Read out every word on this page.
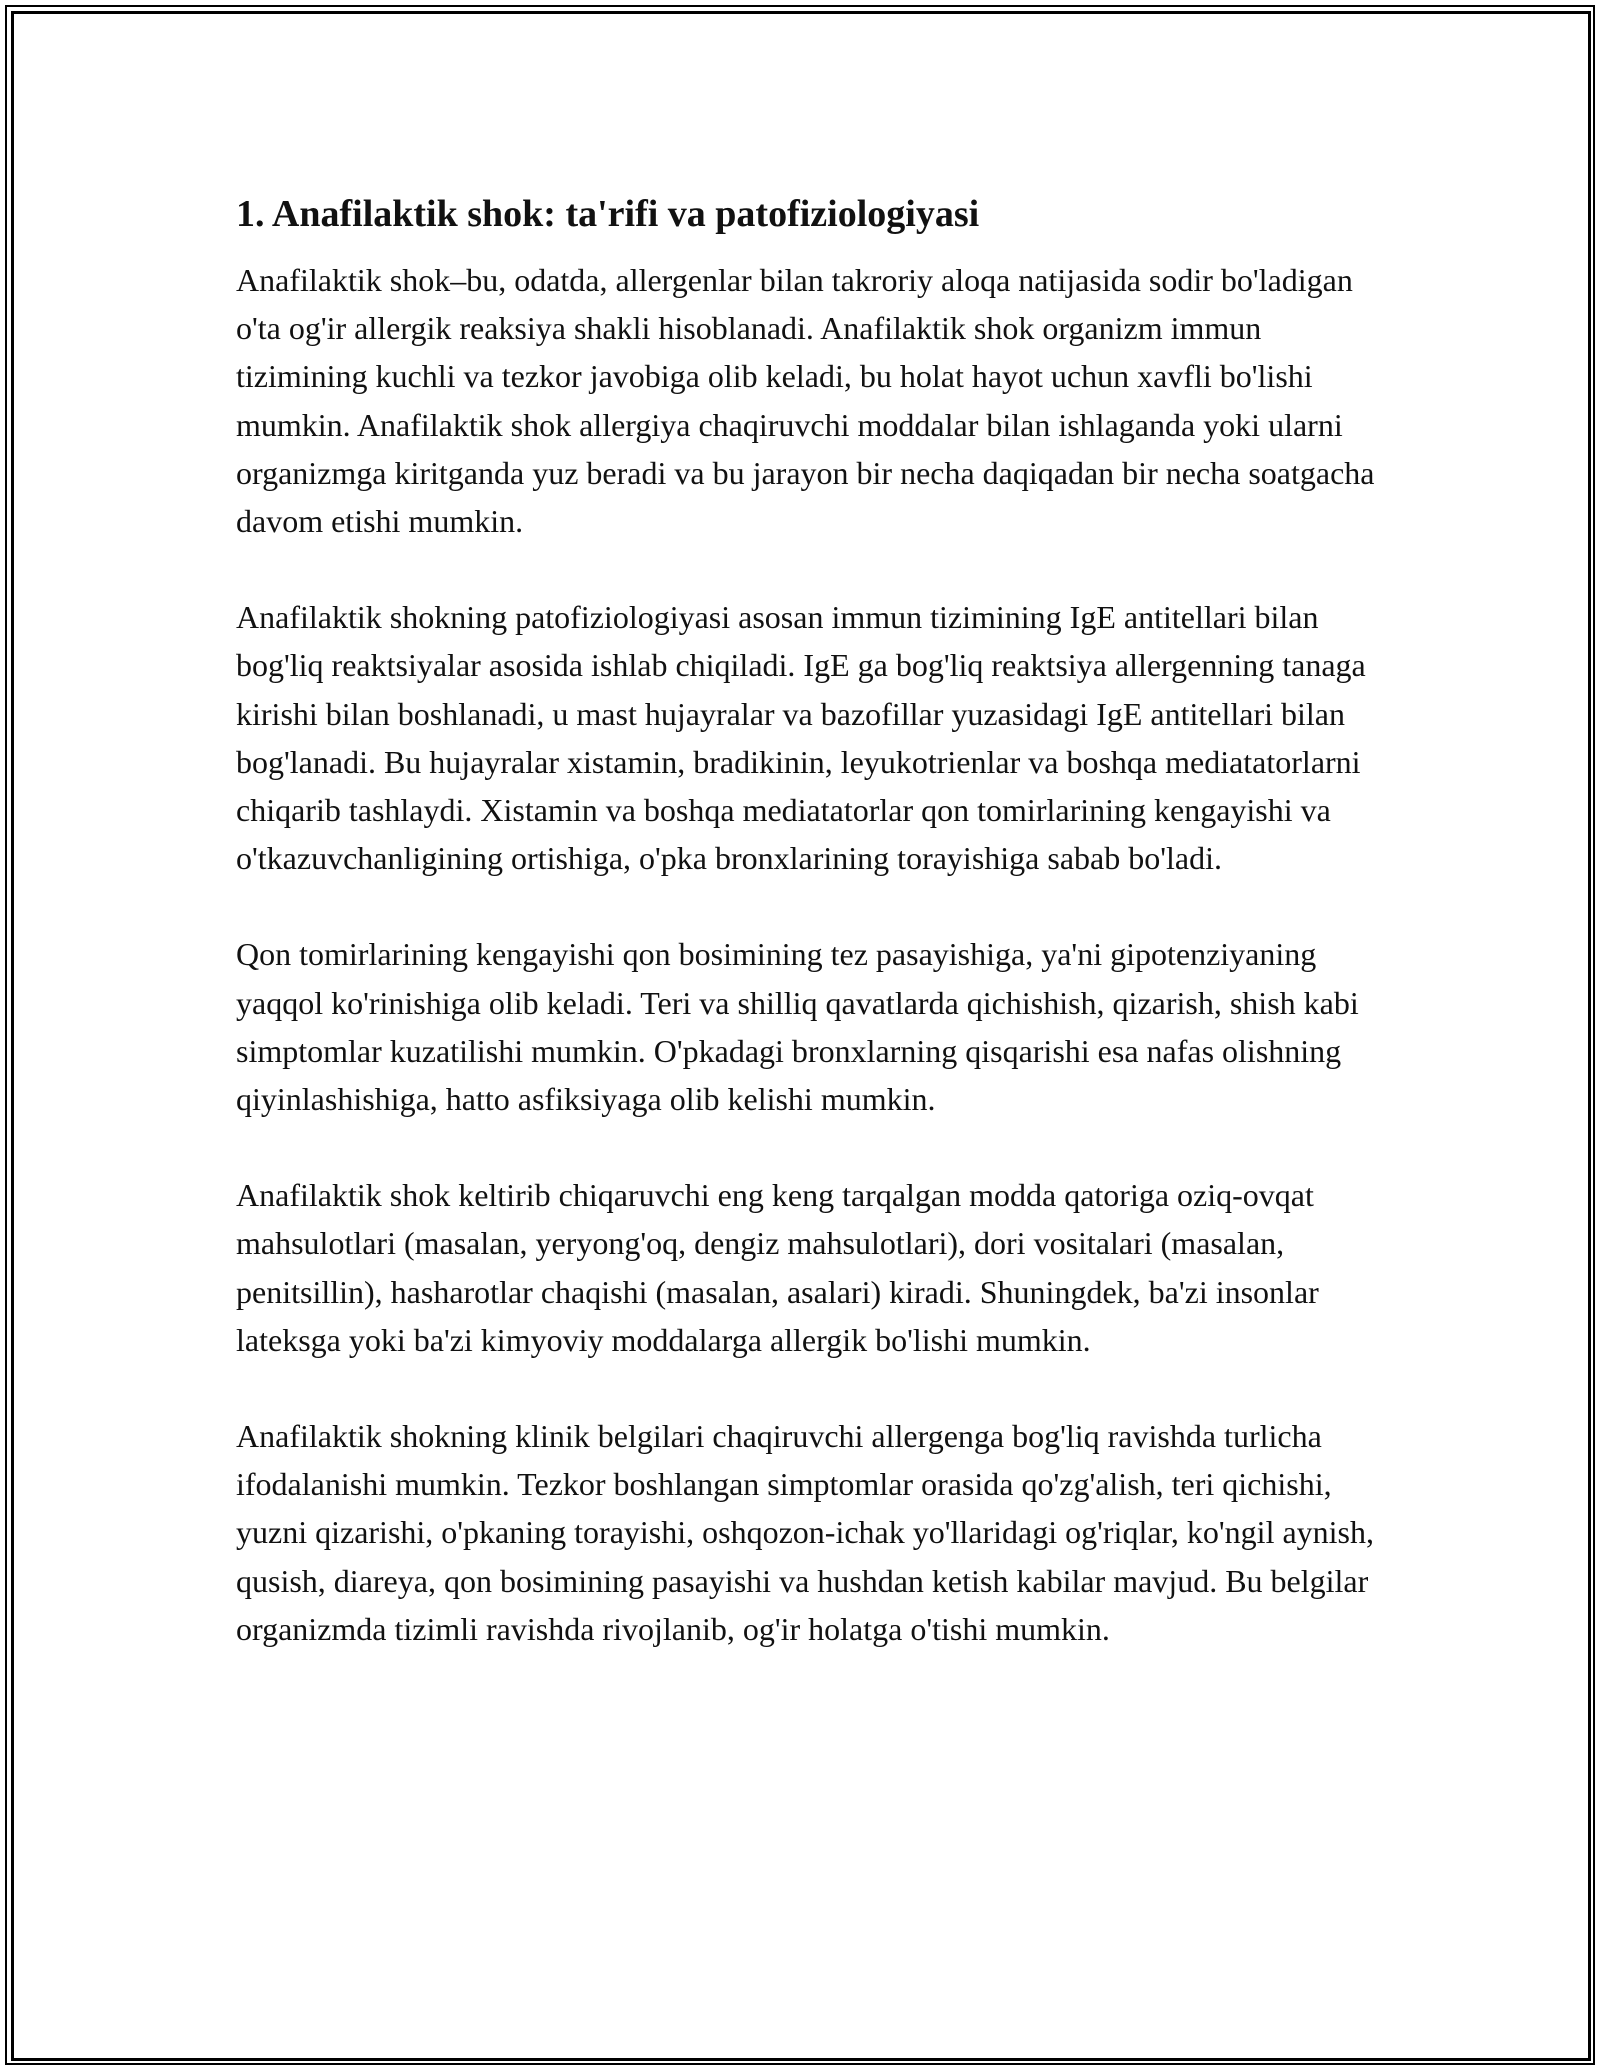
1. Anafilaktik shok: ta'rifi va patofiziologiyasi

Anafilaktik shok–bu, odatda, allergenlar bilan takroriy aloqa natijasida sodir bo'ladigan o'ta og'ir allergik reaksiya shakli hisoblanadi. Anafilaktik shok organizm immun tizimining kuchli va tezkor javobiga olib keladi, bu holat hayot uchun xavfli bo'lishi mumkin. Anafilaktik shok allergiya chaqiruvchi moddalar bilan ishlaganda yoki ularni organizmga kiritganda yuz beradi va bu jarayon bir necha daqiqadan bir necha soatgacha davom etishi mumkin.

Anafilaktik shokning patofiziologiyasi asosan immun tizimining IgE antitellari bilan bog'liq reaktsiyalar asosida ishlab chiqiladi. IgE ga bog'liq reaktsiya allergenning tanaga kirishi bilan boshlanadi, u mast hujayralar va bazofillar yuzasidagi IgE antitellari bilan bog'lanadi. Bu hujayralar xistamin, bradikinin, leyukotrienlar va boshqa mediatatorlarni chiqarib tashlaydi. Xistamin va boshqa mediatatorlar qon tomirlarining kengayishi va o'tkazuvchanligining ortishiga, o'pka bronxlarining torayishiga sabab bo'ladi.

Qon tomirlarining kengayishi qon bosimining tez pasayishiga, ya'ni gipotenziyaning yaqqol ko'rinishiga olib keladi. Teri va shilliq qavatlarda qichishish, qizarish, shish kabi simptomlar kuzatilishi mumkin. O'pkadagi bronxlarning qisqarishi esa nafas olishning qiyinlashishiga, hatto asfiksiyaga olib kelishi mumkin.

Anafilaktik shok keltirib chiqaruvchi eng keng tarqalgan modda qatoriga oziq-ovqat mahsulotlari (masalan, yeryong'oq, dengiz mahsulotlari), dori vositalari (masalan, penitsillin), hasharotlar chaqishi (masalan, asalari) kiradi. Shuningdek, ba'zi insonlar lateksga yoki ba'zi kimyoviy moddalarga allergik bo'lishi mumkin.

Anafilaktik shokning klinik belgilari chaqiruvchi allergenga bog'liq ravishda turlicha ifodalanishi mumkin. Tezkor boshlangan simptomlar orasida qo'zg'alish, teri qichishi, yuzni qizarishi, o'pkaning torayishi, oshqozon-ichak yo'llaridagi og'riqlar, ko'ngil aynish, qusish, diareya, qon bosimining pasayishi va hushdan ketish kabilar mavjud. Bu belgilar organizmda tizimli ravishda rivojlanib, og'ir holatga o'tishi mumkin.
